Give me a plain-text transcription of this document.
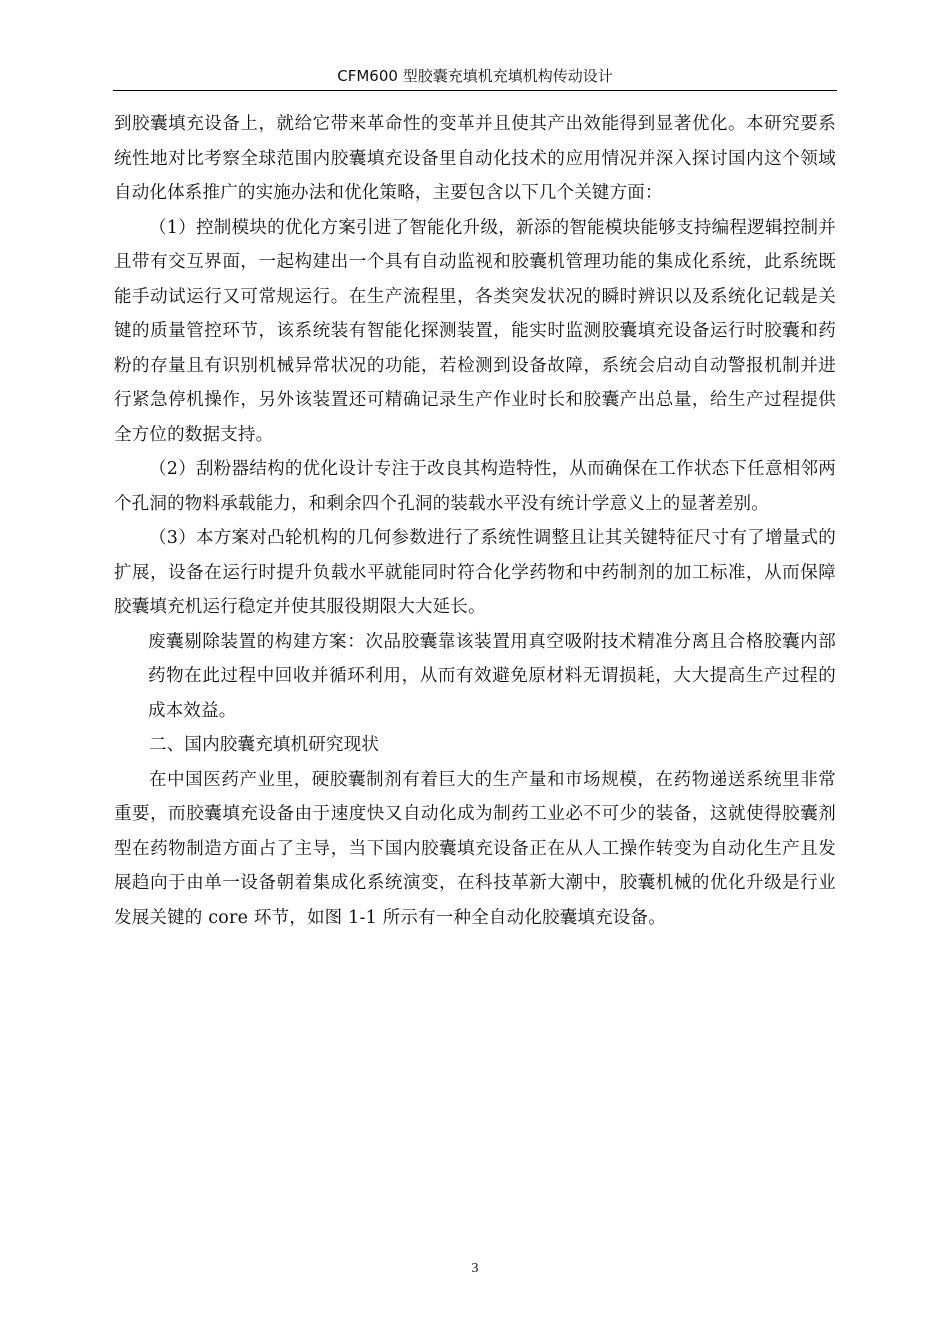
CFM600 型胶囊充填机充填机构传动设计

到胶囊填充设备上，就给它带来革命性的变革并且使其产出效能得到显著优化。本研究要系统性地对比考察全球范围内胶囊填充设备里自动化技术的应用情况并深入探讨国内这个领域自动化体系推广的实施办法和优化策略，主要包含以下几个关键方面：

（1）控制模块的优化方案引进了智能化升级，新添的智能模块能够支持编程逻辑控制并且带有交互界面，一起构建出一个具有自动监视和胶囊机管理功能的集成化系统，此系统既能手动试运行又可常规运行。在生产流程里，各类突发状况的瞬时辨识以及系统化记载是关键的质量管控环节，该系统装有智能化探测装置，能实时监测胶囊填充设备运行时胶囊和药粉的存量且有识别机械异常状况的功能，若检测到设备故障，系统会启动自动警报机制并进行紧急停机操作，另外该装置还可精确记录生产作业时长和胶囊产出总量，给生产过程提供全方位的数据支持。

（2）刮粉器结构的优化设计专注于改良其构造特性，从而确保在工作状态下任意相邻两个孔洞的物料承载能力，和剩余四个孔洞的装载水平没有统计学意义上的显著差别。

（3）本方案对凸轮机构的几何参数进行了系统性调整且让其关键特征尺寸有了增量式的扩展，设备在运行时提升负载水平就能同时符合化学药物和中药制剂的加工标准，从而保障胶囊填充机运行稳定并使其服役期限大大延长。

废囊剔除装置的构建方案：次品胶囊靠该装置用真空吸附技术精准分离且合格胶囊内部药物在此过程中回收并循环利用，从而有效避免原材料无谓损耗，大大提高生产过程的成本效益。

二、国内胶囊充填机研究现状

在中国医药产业里，硬胶囊制剂有着巨大的生产量和市场规模，在药物递送系统里非常重要，而胶囊填充设备由于速度快又自动化成为制药工业必不可少的装备，这就使得胶囊剂型在药物制造方面占了主导，当下国内胶囊填充设备正在从人工操作转变为自动化生产且发展趋向于由单一设备朝着集成化系统演变，在科技革新大潮中，胶囊机械的优化升级是行业发展关键的 core 环节，如图 1-1 所示有一种全自动化胶囊填充设备。

3
